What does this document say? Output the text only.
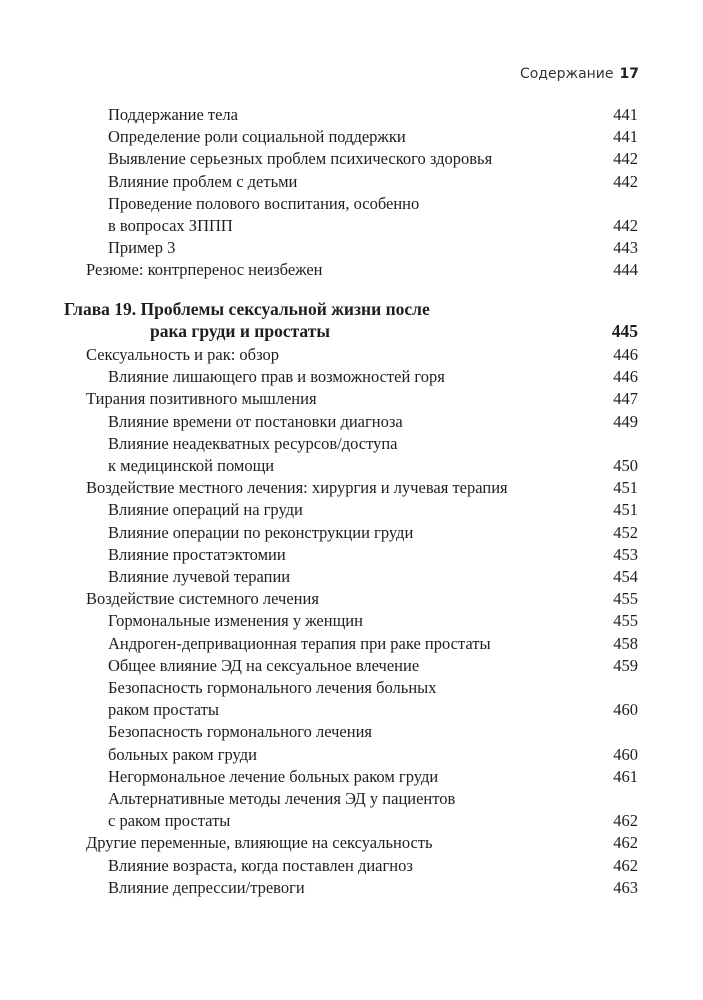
Содержание 17
Поддержание тела	441
Определение роли социальной поддержки	441
Выявление серьезных проблем психического здоровья	442
Влияние проблем с детьми	442
Проведение полового воспитания, особенно
в вопросах ЗППП	442
Пример 3	443
Резюме: контрперенос неизбежен	444
Глава 19. Проблемы сексуальной жизни после
рака груди и простаты	445
Сексуальность и рак: обзор	446
Влияние лишающего прав и возможностей горя	446
Тирания позитивного мышления	447
Влияние времени от постановки диагноза	449
Влияние неадекватных ресурсов/доступа
к медицинской помощи	450
Воздействие местного лечения: хирургия и лучевая терапия	451
Влияние операций на груди	451
Влияние операции по реконструкции груди	452
Влияние простатэктомии	453
Влияние лучевой терапии	454
Воздействие системного лечения	455
Гормональные изменения у женщин	455
Андроген-депривационная терапия при раке простаты	458
Общее влияние ЭД на сексуальное влечение	459
Безопасность гормонального лечения больных
раком простаты	460
Безопасность гормонального лечения
больных раком груди	460
Негормональное лечение больных раком груди	461
Альтернативные методы лечения ЭД у пациентов
с раком простаты	462
Другие переменные, влияющие на сексуальность	462
Влияние возраста, когда поставлен диагноз	462
Влияние депрессии/тревоги	463
